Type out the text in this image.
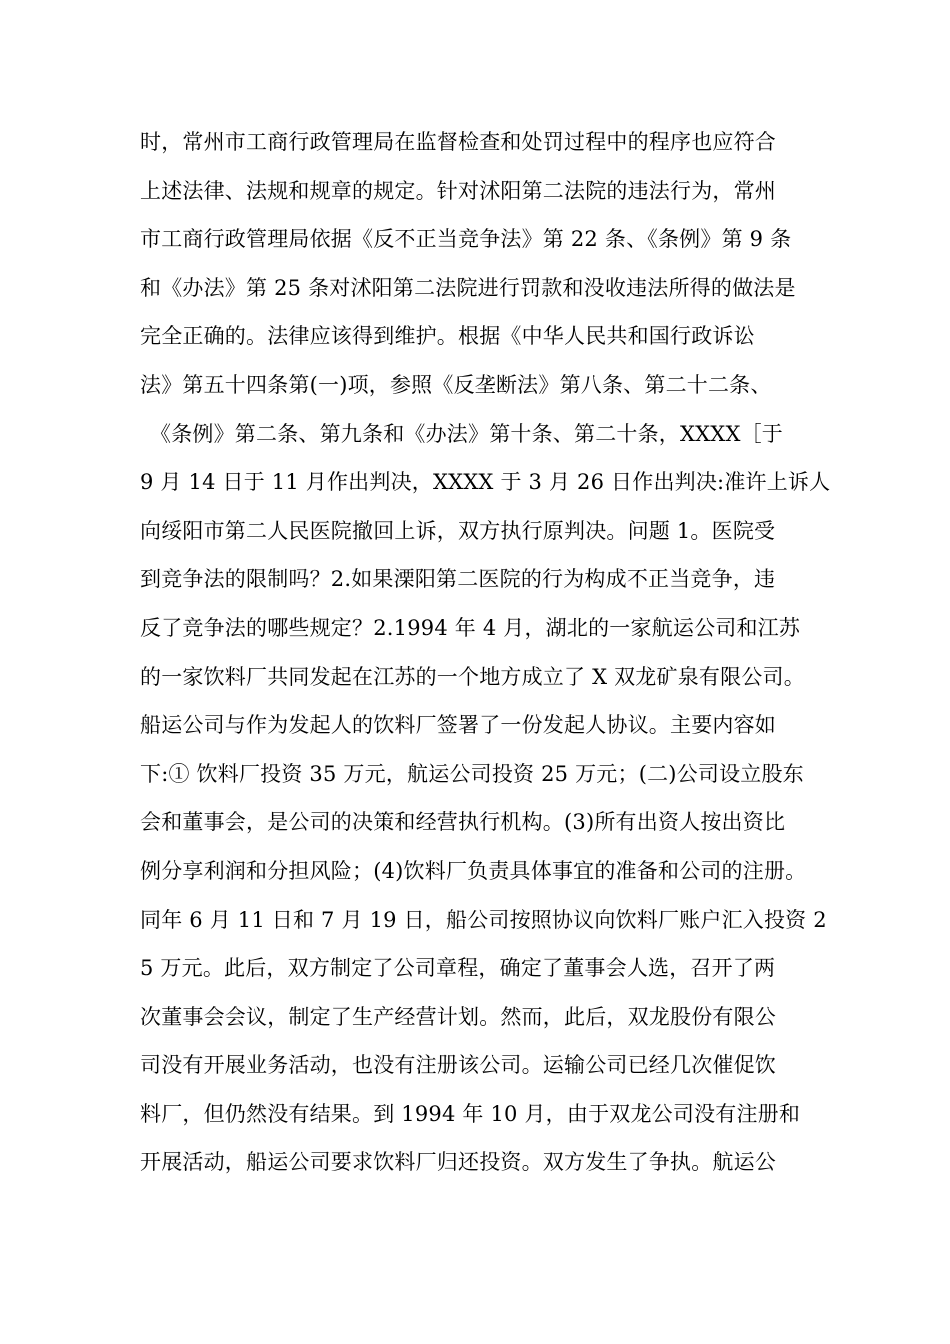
时，常州市工商行政管理局在监督检查和处罚过程中的程序也应符合
上述法律、法规和规章的规定。针对沭阳第二法院的违法行为，常州
市工商行政管理局依据《反不正当竞争法》第 22 条、《条例》第 9 条
和《办法》第 25 条对沭阳第二法院进行罚款和没收违法所得的做法是
完全正确的。法律应该得到维护。根据《中华人民共和国行政诉讼
法》第五十四条第(一)项，参照《反垄断法》第八条、第二十二条、
《条例》第二条、第九条和《办法》第十条、第二十条，XXXX［于
9 月 14 日于 11 月作出判决，XXXX 于 3 月 26 日作出判决:准许上诉人
向绥阳市第二人民医院撤回上诉，双方执行原判决。问题 1。医院受
到竞争法的限制吗？2.如果溧阳第二医院的行为构成不正当竞争，违
反了竞争法的哪些规定？2.1994 年 4 月，湖北的一家航运公司和江苏
的一家饮料厂共同发起在江苏的一个地方成立了 X 双龙矿泉有限公司。
船运公司与作为发起人的饮料厂签署了一份发起人协议。主要内容如
下:① 饮料厂投资 35 万元，航运公司投资 25 万元；(二)公司设立股东
会和董事会，是公司的决策和经营执行机构。(3)所有出资人按出资比
例分享利润和分担风险；(4)饮料厂负责具体事宜的准备和公司的注册。
同年 6 月 11 日和 7 月 19 日，船公司按照协议向饮料厂账户汇入投资 2
5 万元。此后，双方制定了公司章程，确定了董事会人选，召开了两
次董事会会议，制定了生产经营计划。然而，此后，双龙股份有限公
司没有开展业务活动，也没有注册该公司。运输公司已经几次催促饮
料厂，但仍然没有结果。到 1994 年 10 月，由于双龙公司没有注册和
开展活动，船运公司要求饮料厂归还投资。双方发生了争执。航运公
